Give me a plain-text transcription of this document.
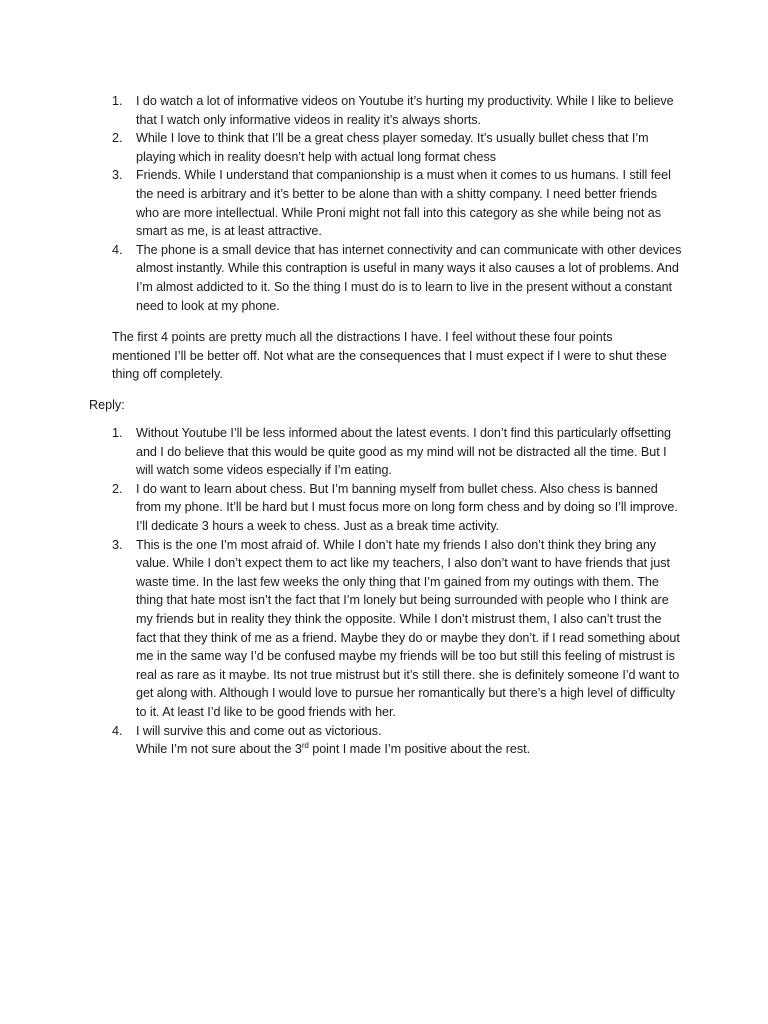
1. I do watch a lot of informative videos on Youtube it’s hurting my productivity. While I like to believe that I watch only informative videos in reality it’s always shorts.
2. While I love to think that I’ll be a great chess player someday. It’s usually bullet chess that I’m playing which in reality doesn’t help with actual long format chess
3. Friends. While I understand that companionship is a must when it comes to us humans. I still feel the need is arbitrary and it’s better to be alone than with a shitty company. I need better friends who are more intellectual. While Proni might not fall into this category as she while being not as smart as me, is at least attractive.
4. The phone is a small device that has internet connectivity and can communicate with other devices almost instantly. While this contraption is useful in many ways it also causes a lot of problems. And I’m almost addicted to it. So the thing I must do is to learn to live in the present without a constant need to look at my phone.

The first 4 points are pretty much all the distractions I have. I feel without these four points mentioned I’ll be better off. Not what are the consequences that I must expect if I were to shut these thing off completely.

Reply:

1. Without Youtube I’ll be less informed about the latest events. I don’t find this particularly offsetting and I do believe that this would be quite good as my mind will not be distracted all the time. But I will watch some videos especially if I’m eating.
2. I do want to learn about chess. But I’m banning myself from bullet chess. Also chess is banned from my phone. It’ll be hard but I must focus more on long form chess and by doing so I’ll improve. I’ll dedicate 3 hours a week to chess. Just as a break time activity.
3. This is the one I’m most afraid of. While I don’t hate my friends I also don’t think they bring any value. While I don’t expect them to act like my teachers, I also don’t want to have friends that just waste time. In the last few weeks the only thing that I’m gained from my outings with them. The thing that hate most isn’t the fact that I’m lonely but being surrounded with people who I think are my friends but in reality they think the opposite. While I don’t mistrust them, I also can’t trust the fact that they think of me as a friend. Maybe they do or maybe they don’t. if I read something about me in the same way I’d be confused maybe my friends will be too but still this feeling of mistrust is real as rare as it maybe. Its not true mistrust but it’s still there. she is definitely someone I’d want to get along with. Although I would love to pursue her romantically but there’s a high level of difficulty to it. At least I’d like to be good friends with her.
4. I will survive this and come out as victorious.
While I’m not sure about the 3rd point I made I’m positive about the rest.
